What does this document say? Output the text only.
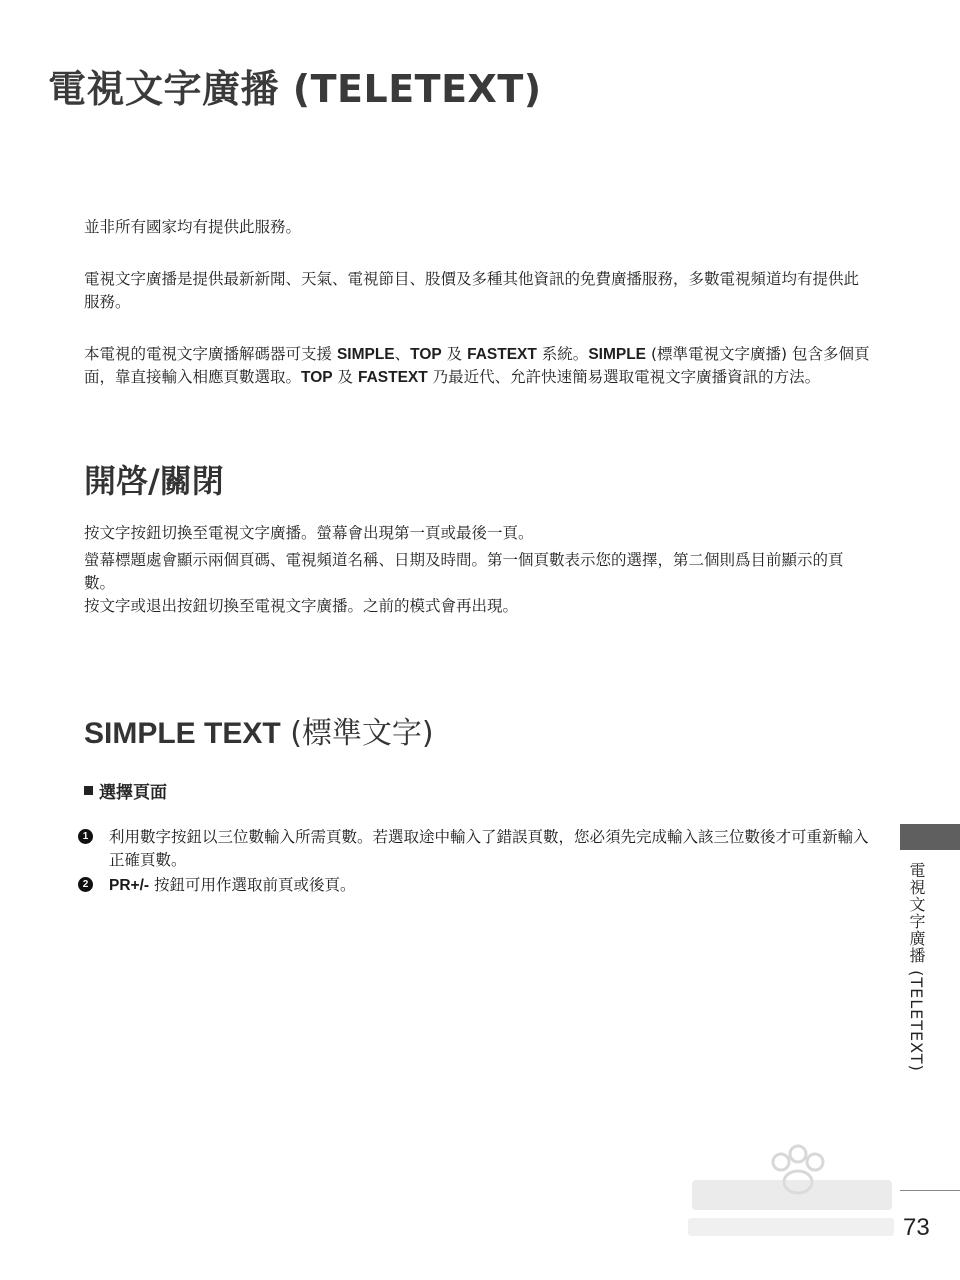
電視文字廣播 (TELETEXT)

並非所有國家均有提供此服務。

電視文字廣播是提供最新新聞、天氣、電視節目、股價及多種其他資訊的免費廣播服務，多數電視頻道均有提供此服務。

本電視的電視文字廣播解碼器可支援 SIMPLE、TOP 及 FASTEXT 系統。SIMPLE (標準電視文字廣播) 包含多個頁面，靠直接輸入相應頁數選取。TOP 及 FASTEXT 乃最近代、允許快速簡易選取電視文字廣播資訊的方法。

開啓/關閉

按文字按鈕切換至電視文字廣播。螢幕會出現第一頁或最後一頁。

螢幕標題處會顯示兩個頁碼、電視頻道名稱、日期及時間。第一個頁數表示您的選擇，第二個則爲目前顯示的頁數。

按文字或退出按鈕切換至電視文字廣播。之前的模式會再出現。

SIMPLE TEXT (標準文字)
選擇頁面
1	利用數字按鈕以三位數輸入所需頁數。若選取途中輸入了錯誤頁數，您必須先完成輸入該三位數後才可重新輸入正確頁數。
2	PR+/- 按鈕可用作選取前頁或後頁。	電視文字廣播 (TELETEXT)
73
